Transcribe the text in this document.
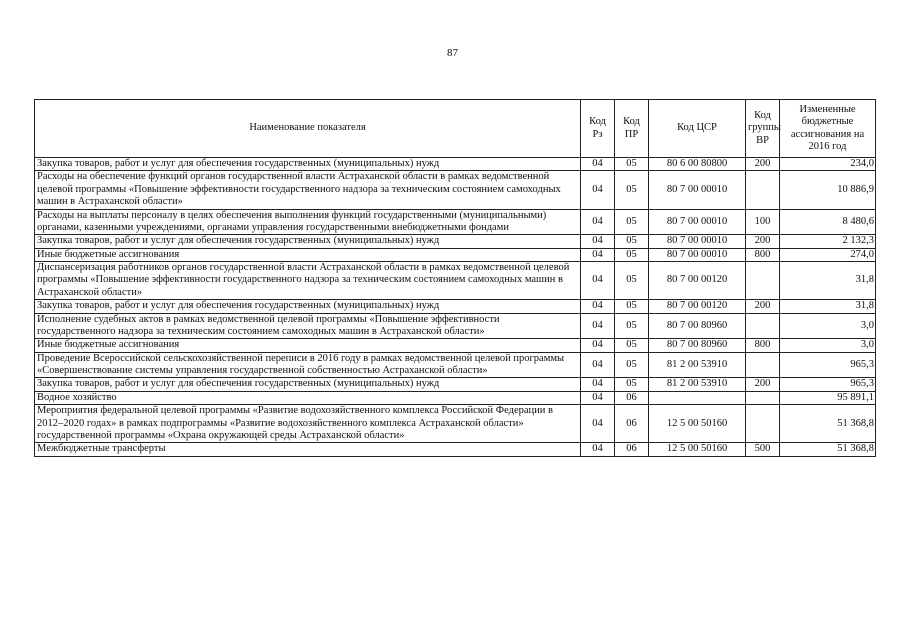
87
Наименование показателя	Код Рз	Код ПР	Код ЦСР	Код группы ВР	Измененные бюджетные ассигнования на 2016 год
Закупка товаров, работ и услуг для обеспечения государственных (муниципальных) нужд	04	05	80 6 00 80800	200	234,0
Расходы на обеспечение функций органов государственной власти Астраханской области в рамках ведомственной целевой программы «Повышение эффективности государственного надзора за техническим состоянием самоходных машин в Астраханской области»	04	05	80 7 00 00010		10 886,9
Расходы на выплаты персоналу в целях обеспечения выполнения функций государственными (муниципальными) органами, казенными учреждениями, органами управления государственными внебюджетными фондами	04	05	80 7 00 00010	100	8 480,6
Закупка товаров, работ и услуг для обеспечения государственных (муниципальных) нужд	04	05	80 7 00 00010	200	2 132,3
Иные бюджетные ассигнования	04	05	80 7 00 00010	800	274,0
Диспансеризация работников органов государственной власти Астраханской области в рамках ведомственной целевой программы «Повышение эффективности государственного надзора за техническим состоянием самоходных машин в Астраханской области»	04	05	80 7 00 00120		31,8
Закупка товаров, работ и услуг для обеспечения государственных (муниципальных) нужд	04	05	80 7 00 00120	200	31,8
Исполнение судебных актов в рамках ведомственной целевой программы «Повышение эффективности государственного надзора за техническим состоянием самоходных машин в Астраханской области»	04	05	80 7 00 80960		3,0
Иные бюджетные ассигнования	04	05	80 7 00 80960	800	3,0
Проведение Всероссийской сельскохозяйственной переписи в 2016 году в рамках ведомственной целевой программы «Совершенствование системы управления государственной собственностью Астраханской области»	04	05	81 2 00 53910		965,3
Закупка товаров, работ и услуг для обеспечения государственных (муниципальных) нужд	04	05	81 2 00 53910	200	965,3
Водное хозяйство	04	06			95 891,1
Мероприятия федеральной целевой программы «Развитие водохозяйственного комплекса Российской Федерации в 2012–2020 годах» в рамках подпрограммы «Развитие водохозяйственного комплекса Астраханской области» государственной программы «Охрана окружающей среды Астраханской области»	04	06	12 5 00 50160		51 368,8
Межбюджетные трансферты	04	06	12 5 00 50160	500	51 368,8
